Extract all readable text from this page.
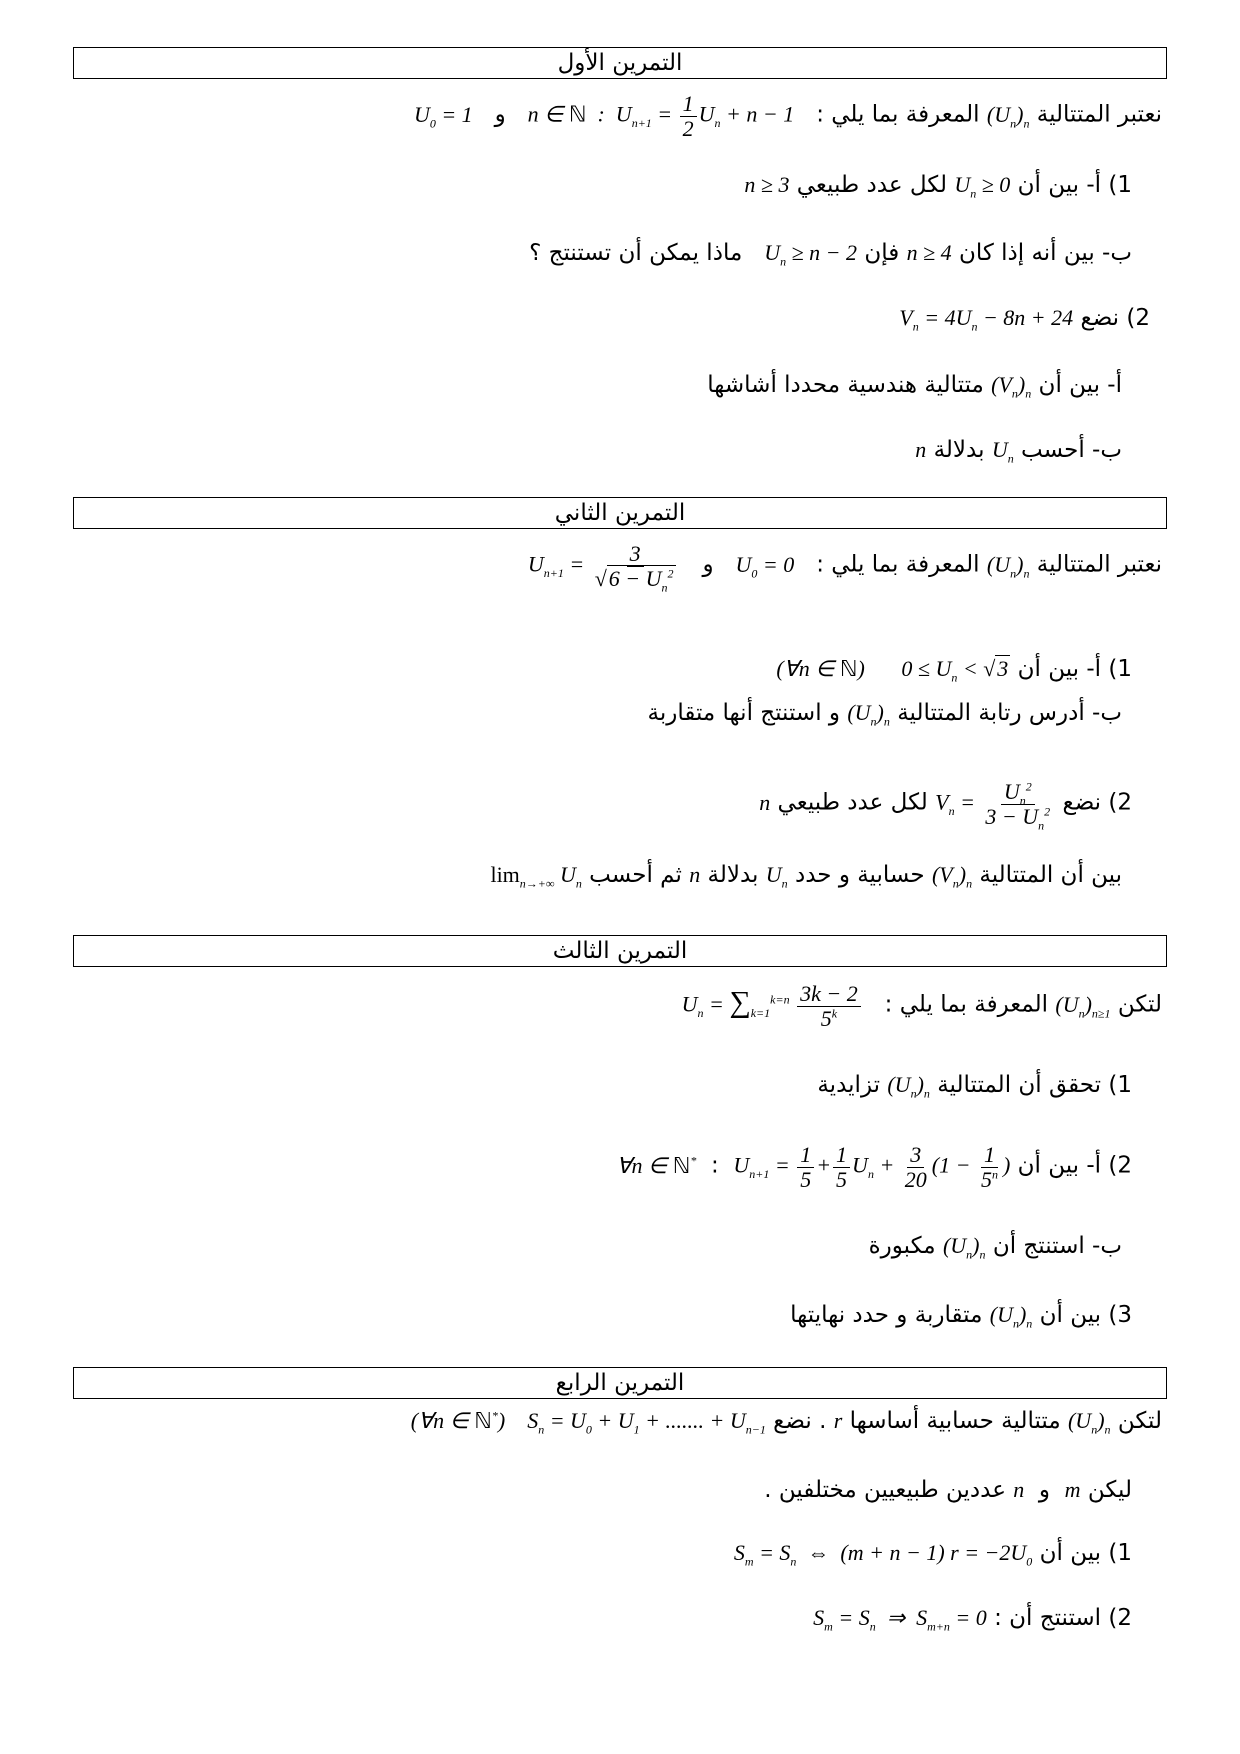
التمرين الأول
نعتبر المتتالية $(U_n)_n$ المعرفة بما يلي :   n ∈ ℕ  :  $U_{n+1} = \frac{1}{2} U_n + n - 1$   و   $U_0 = 1$
1) أ- بين أن $U_n \ge 0$ لكل عدد طبيعي n ≥ 3
ب- بين أنه إذا كان n ≥ 4 فإن $U_n \ge n - 2$   ماذا يمكن أن تستنتج ؟
2) نضع $V_n = 4U_n - 8n + 24$
أ- بين أن $(V_n)_n$ متتالية هندسية محددا أشاشها
ب- أحسب $U_n$ بدلالة n
التمرين الثاني
نعتبر المتتالية $(U_n)_n$ المعرفة بما يلي :   $U_0 = 0$   و   $U_{n+1} = \frac{3}{√6 - U_n^2}$
1) أ- بين أن $0 \le U_n < √3$     (∀n ∈ ℕ)
ب- أدرس رتابة المتتالية $(U_n)_n$ و استنتج أنها متقاربة
2) نضع $V_n = \frac{U_n^2}{3 - U_n^2}$
لكل عدد طبيعي n
بين أن المتتالية $(V_n)_n$ حسابية و حدد $U_n$ بدلالة n ثم أحسب $\lim_{n\to+\infty} U_n$
التمرين الثالث
لتكن $(U_n)_{n\ge 1}$ المعرفة بما يلي :   $U_n = \sum_{k=1}^{k=n} \frac{3k - 2}{5^k}$
1) تحقق أن المتتالية $(U_n)_n$ تزايدية
2) أ- بين أن $U_{n+1} = \frac{1}{5} + \frac{1}{5} U_n + \frac{3}{20} (1 - \frac{1}{5^n}$ )  :  ∀n ∈ ℕ*
ب- استنتج أن $(U_n)_n$ مكبورة
3) بين أن $(U_n)_n$ متقاربة و حدد نهايتها
التمرين الرابع
لتكن $(U_n)_n$ متتالية حسابية أساسها r . نضع $S_n = U_0 + U_1$ + ....... + $U_{n-1}$   (∀n ∈ ℕ*)
ليكن m  و  n عددين طبيعيين مختلفين .
1) بين أن $S_m = S_n$  ⇔  (m + n − 1) $r = -2U_0$
2) استنتج أن : $S_m = S_n$  ⇒  $S_{m+n} = 0$
